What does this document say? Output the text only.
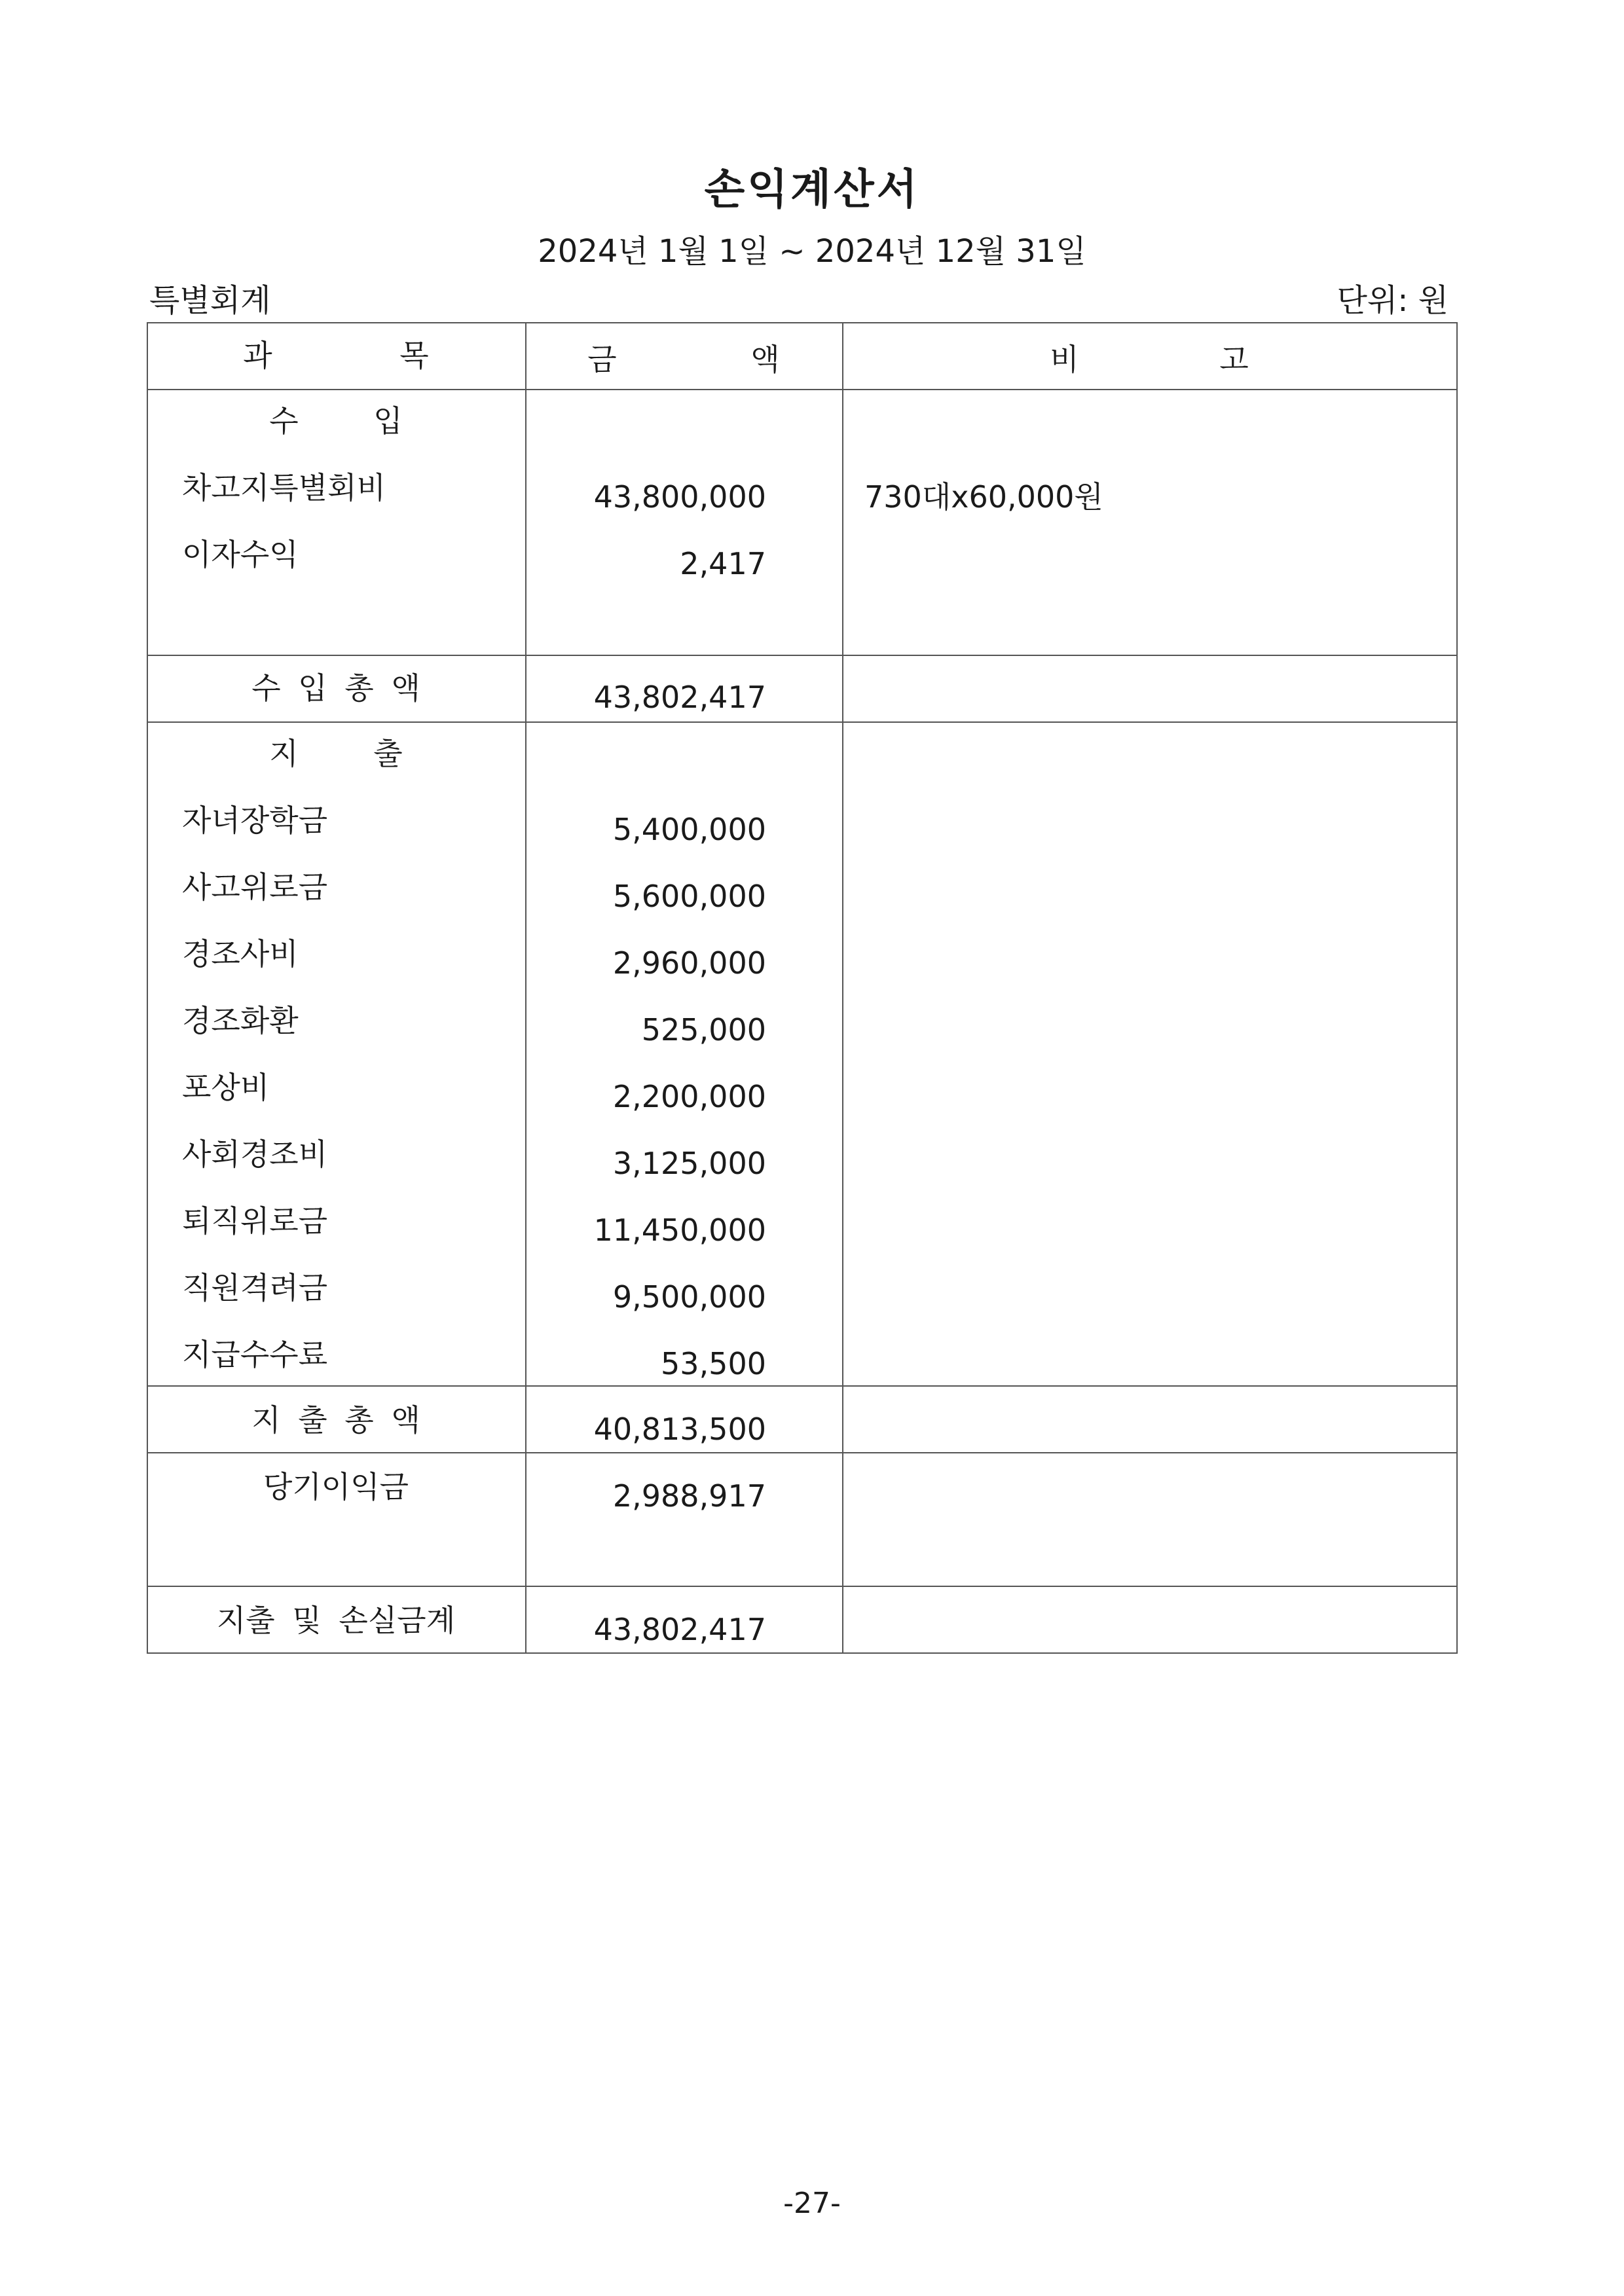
손익계산서
2024년 1월 1일 ~ 2024년 12월 31일
특별회계	단위: 원
과 목	금 액	비 고
수 입
차고지특별회비	43,800,000	730대x60,000원
이자수익	2,417
수 입 총 액	43,802,417
지 출
자녀장학금	5,400,000
사고위로금	5,600,000
경조사비	2,960,000
경조화환	525,000
포상비	2,200,000
사회경조비	3,125,000
퇴직위로금	11,450,000
직원격려금	9,500,000
지급수수료	53,500
지 출 총 액	40,813,500
당기이익금	2,988,917
지출 및 손실금계	43,802,417
-27-
